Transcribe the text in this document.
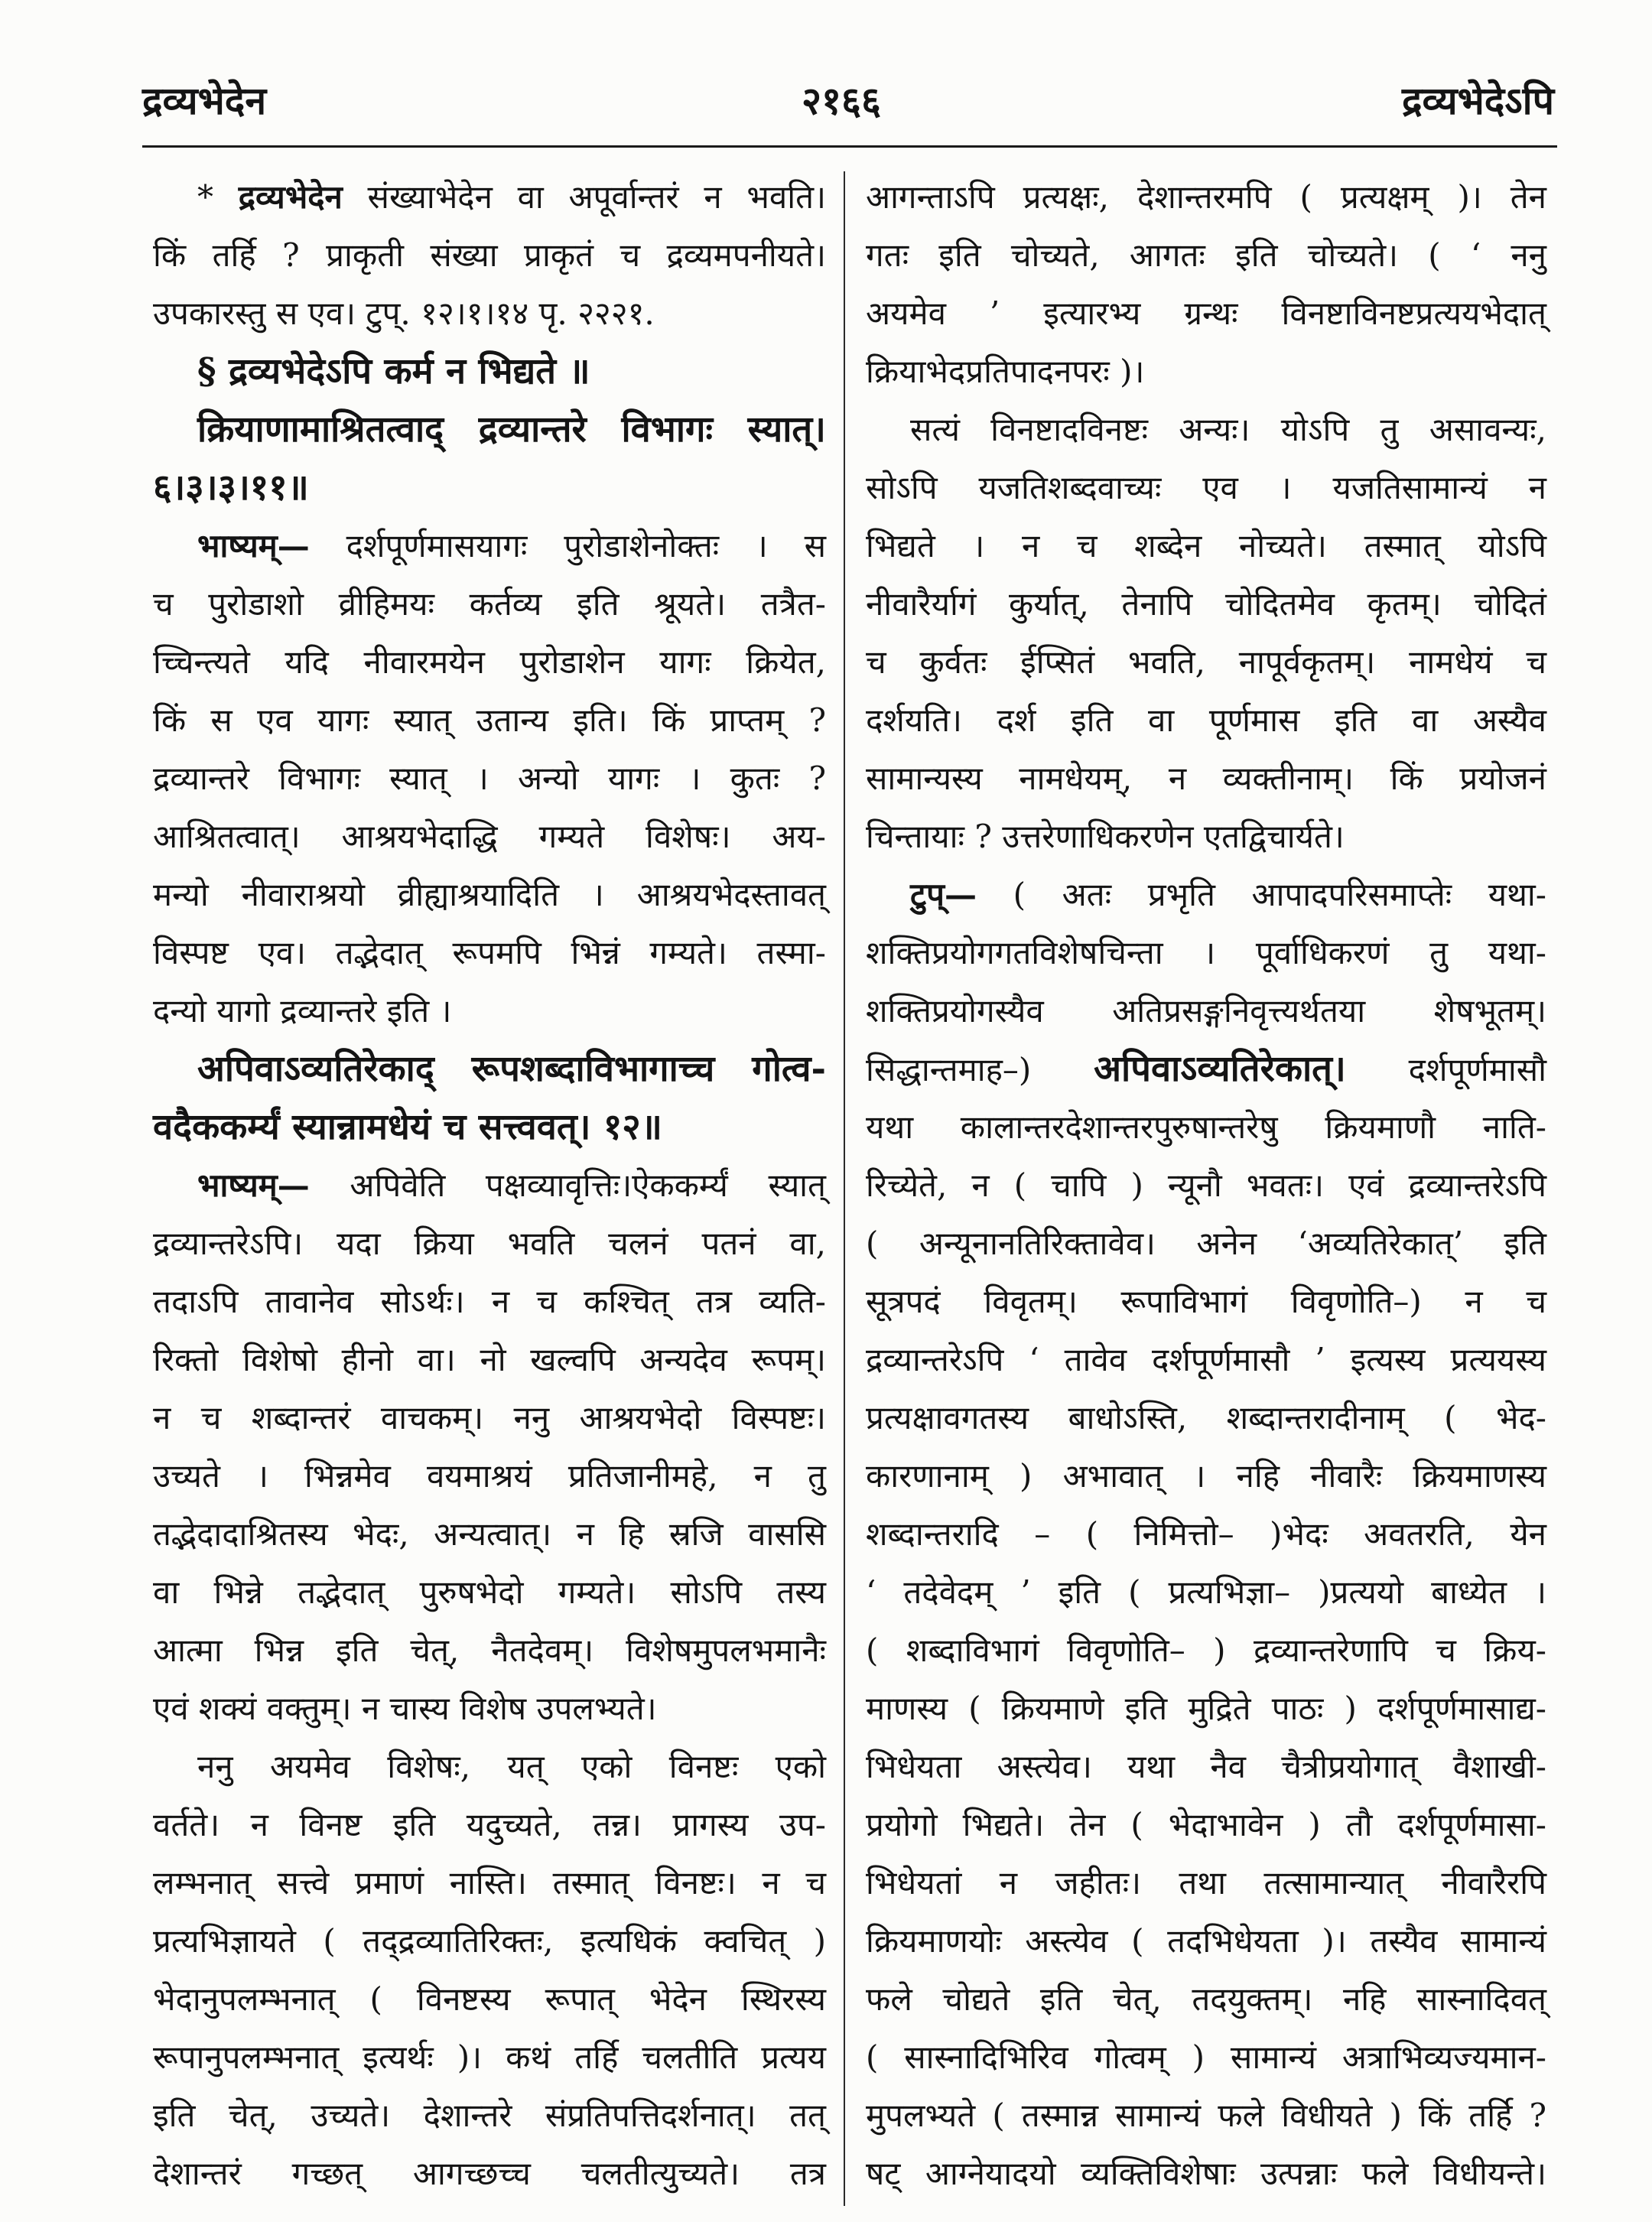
द्रव्यभेदेन	२१६६	द्रव्यभेदेऽपि
* द्रव्यभेदेन संख्याभेदेन वा अपूर्वान्तरं न भवति।
किं तर्हि ? प्राकृती संख्या प्राकृतं च द्रव्यमपनीयते।
उपकारस्तु स एव। टुप्. १२।१।१४ पृ. २२२१.
§ द्रव्यभेदेऽपि कर्म न भिद्यते ॥
क्रियाणामाश्रितत्वाद् द्रव्यान्तरे विभागः स्यात्।
६।३।३।११॥
भाष्यम्— दर्शपूर्णमासयागः पुरोडाशेनोक्तः । स
च पुरोडाशो व्रीहिमयः कर्तव्य इति श्रूयते। तत्रैत-
च्चिन्त्यते यदि नीवारमयेन पुरोडाशेन यागः क्रियेत,
किं स एव यागः स्यात् उतान्य इति। किं प्राप्तम् ?
द्रव्यान्तरे विभागः स्यात् । अन्यो यागः । कुतः ?
आश्रितत्वात्। आश्रयभेदाद्धि गम्यते विशेषः। अय-
मन्यो नीवाराश्रयो व्रीह्याश्रयादिति । आश्रयभेदस्तावत्
विस्पष्ट एव। तद्भेदात् रूपमपि भिन्नं गम्यते। तस्मा-
दन्यो यागो द्रव्यान्तरे इति ।
अपिवाऽव्यतिरेकाद् रूपशब्दाविभागाच्च गोत्व-
वदैककर्म्यं स्यान्नामधेयं च सत्त्ववत्। १२॥
भाष्यम्— अपिवेति पक्षव्यावृत्तिः।ऐककर्म्यं स्यात्
द्रव्यान्तरेऽपि। यदा क्रिया भवति चलनं पतनं वा,
तदाऽपि तावानेव सोऽर्थः। न च कश्चित् तत्र व्यति-
रिक्तो विशेषो हीनो वा। नो खल्वपि अन्यदेव रूपम्।
न च शब्दान्तरं वाचकम्। ननु आश्रयभेदो विस्पष्टः।
उच्यते । भिन्नमेव वयमाश्रयं प्रतिजानीमहे, न तु
तद्भेदादाश्रितस्य भेदः, अन्यत्वात्। न हि स्रजि वाससि
वा भिन्ने तद्भेदात् पुरुषभेदो गम्यते। सोऽपि तस्य
आत्मा भिन्न इति चेत्, नैतदेवम्। विशेषमुपलभमानैः
एवं शक्यं वक्तुम्। न चास्य विशेष उपलभ्यते।
ननु अयमेव विशेषः, यत् एको विनष्टः एको
वर्तते। न विनष्ट इति यदुच्यते, तन्न। प्रागस्य उप-
लम्भनात् सत्त्वे प्रमाणं नास्ति। तस्मात् विनष्टः। न च
प्रत्यभिज्ञायते ( तद्द्रव्यातिरिक्तः, इत्यधिकं क्वचित् )
भेदानुपलम्भनात् ( विनष्टस्य रूपात् भेदेन स्थिरस्य
रूपानुपलम्भनात् इत्यर्थः )। कथं तर्हि चलतीति प्रत्यय
इति चेत्, उच्यते। देशान्तरे संप्रतिपत्तिदर्शनात्। तत्
देशान्तरं गच्छत् आगच्छच्च चलतीत्युच्यते। तत्र
आगन्ताऽपि प्रत्यक्षः, देशान्तरमपि ( प्रत्यक्षम् )। तेन
गतः इति चोच्यते, आगतः इति चोच्यते। ( ‘ ननु
अयमेव ’ इत्यारभ्य ग्रन्थः विनष्टाविनष्टप्रत्ययभेदात्
क्रियाभेदप्रतिपादनपरः )।
सत्यं विनष्टादविनष्टः अन्यः। योऽपि तु असावन्यः,
सोऽपि यजतिशब्दवाच्यः एव । यजतिसामान्यं न
भिद्यते । न च शब्देन नोच्यते। तस्मात् योऽपि
नीवारैर्यागं कुर्यात्, तेनापि चोदितमेव कृतम्। चोदितं
च कुर्वतः ईप्सितं भवति, नापूर्वकृतम्। नामधेयं च
दर्शयति। दर्श इति वा पूर्णमास इति वा अस्यैव
सामान्यस्य नामधेयम्, न व्यक्तीनाम्। किं प्रयोजनं
चिन्तायाः ? उत्तरेणाधिकरणेन एतद्विचार्यते।
टुप्— ( अतः प्रभृति आपादपरिसमाप्तेः यथा-
शक्तिप्रयोगगतविशेषचिन्ता । पूर्वाधिकरणं तु यथा-
शक्तिप्रयोगस्यैव अतिप्रसङ्गनिवृत्त्यर्थतया शेषभूतम्।
सिद्धान्तमाह–) अपिवाऽव्यतिरेकात्। दर्शपूर्णमासौ
यथा कालान्तरदेशान्तरपुरुषान्तरेषु क्रियमाणौ नाति-
रिच्येते, न ( चापि ) न्यूनौ भवतः। एवं द्रव्यान्तरेऽपि
( अन्यूनानतिरिक्तावेव। अनेन ‘अव्यतिरेकात्’ इति
सूत्रपदं विवृतम्। रूपाविभागं विवृणोति–) न च
द्रव्यान्तरेऽपि ‘ तावेव दर्शपूर्णमासौ ’ इत्यस्य प्रत्ययस्य
प्रत्यक्षावगतस्य बाधोऽस्ति, शब्दान्तरादीनाम् ( भेद-
कारणानाम् ) अभावात् । नहि नीवारैः क्रियमाणस्य
शब्दान्तरादि – ( निमित्तो– )भेदः अवतरति, येन
‘ तदेवेदम् ’ इति ( प्रत्यभिज्ञा– )प्रत्ययो बाध्येत ।
( शब्दाविभागं विवृणोति– ) द्रव्यान्तरेणापि च क्रिय-
माणस्य ( क्रियमाणे इति मुद्रिते पाठः ) दर्शपूर्णमासाद्य-
भिधेयता अस्त्येव। यथा नैव चैत्रीप्रयोगात् वैशाखी-
प्रयोगो भिद्यते। तेन ( भेदाभावेन ) तौ दर्शपूर्णमासा-
भिधेयतां न जहीतः। तथा तत्सामान्यात् नीवारैरपि
क्रियमाणयोः अस्त्येव ( तदभिधेयता )। तस्यैव सामान्यं
फले चोद्यते इति चेत्, तदयुक्तम्। नहि सास्नादिवत्
( सास्नादिभिरिव गोत्वम् ) सामान्यं अत्राभिव्यज्यमान-
मुपलभ्यते ( तस्मान्न सामान्यं फले विधीयते ) किं तर्हि ?
षट् आग्नेयादयो व्यक्तिविशेषाः उत्पन्नाः फले विधीयन्ते।
